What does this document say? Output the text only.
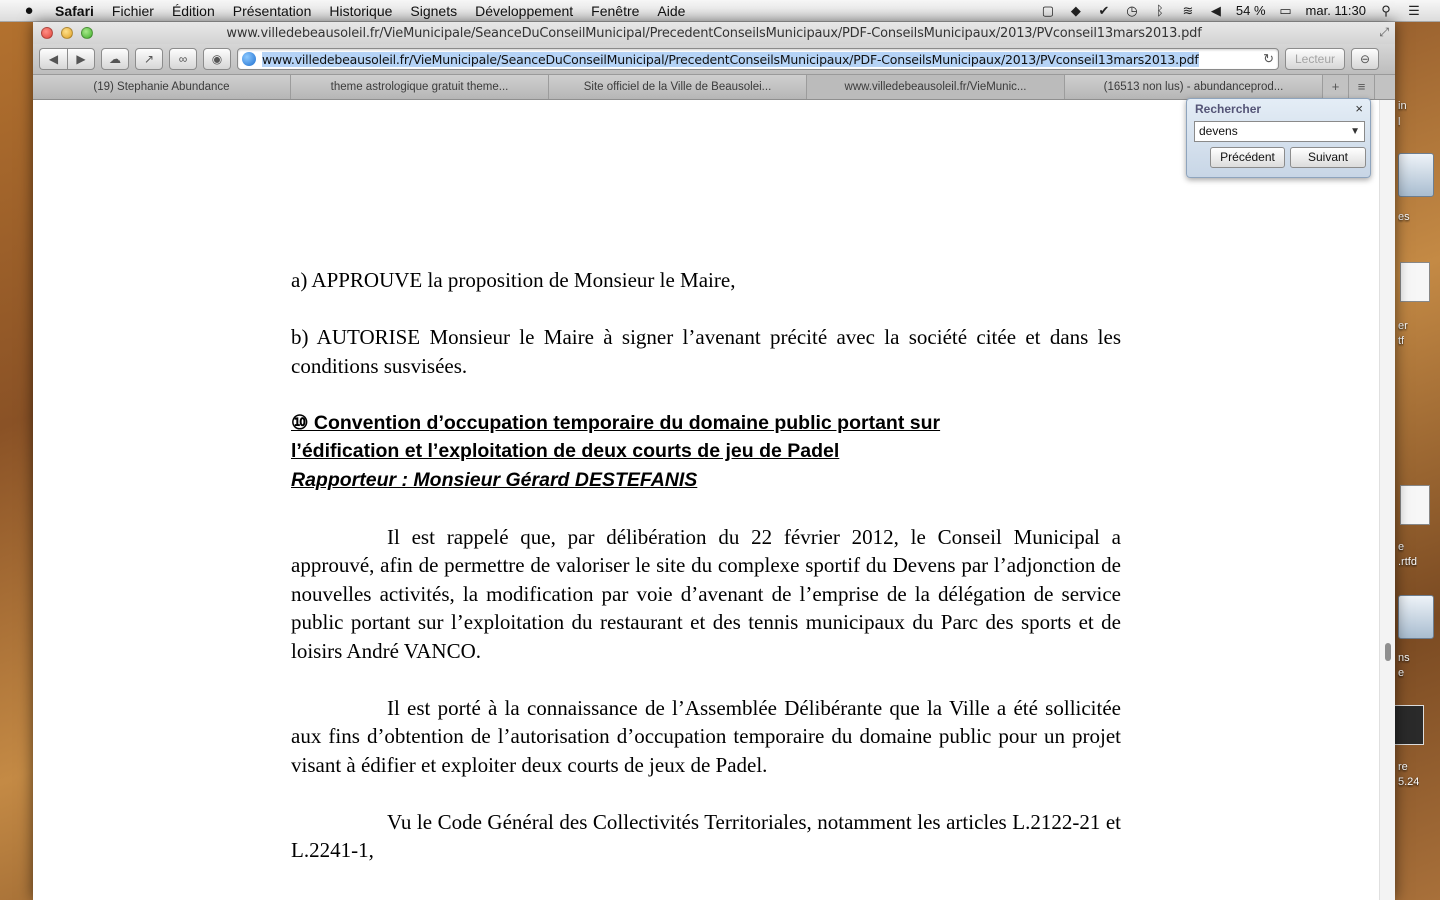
●	Safari	Fichier	Édition	Présentation	Historique	Signets	Développement	Fenêtre	Aide	▢ ◆ ✔ ◷	ᛒ	≋ ◀ 54 % ▭ mar. 11:30 ⚲ ☰
in
l
es
er
tf
e
.rtfd
ns
e
re
5.24
www.villedebeausoleil.fr/VieMunicipale/SeanceDuConseilMunicipal/PrecedentConseilsMunicipaux/PDF-ConseilsMunicipaux/2013/PVconseil13mars2013.pdf	⤢
◀	▶	☁	↗	∞	◉	www.villedebeausoleil.fr/VieMunicipale/SeanceDuConseilMunicipal/PrecedentConseilsMunicipaux/PDF-ConseilsMunicipaux/2013/PVconseil13mars2013.pdf	↻	Lecteur	⊖
(19) Stephanie Abundance	theme astrologique gratuit theme...	Site officiel de la Ville de Beausolei...	www.villedebeausoleil.fr/VieMunic...	(16513 non lus) - abundanceprod...	+	≡

a) APPROUVE la proposition de Monsieur le Maire,

b) AUTORISE Monsieur le Maire à signer l’avenant précité avec la société citée et dans les conditions susvisées.

⑩ Convention d’occupation temporaire du domaine public portant sur

l’édification et l’exploitation de deux courts de jeu de Padel

Rapporteur : Monsieur Gérard DESTEFANIS

Il est rappelé que, par délibération du 22 février 2012, le Conseil Municipal a approuvé, afin de permettre de valoriser le site du complexe sportif du Devens par l’adjonction de nouvelles activités, la modification par voie d’avenant de l’emprise de la délégation de service public portant sur l’exploitation du restaurant et des tennis municipaux du Parc des sports et de loisirs André VANCO.

Il est porté à la connaissance de l’Assemblée Délibérante que la Ville a été sollicitée aux fins d’obtention de l’autorisation d’occupation temporaire du domaine public pour un projet visant à édifier et exploiter deux courts de jeux de Padel.

Vu le Code Général des Collectivités Territoriales, notamment les articles L.2122-21 et L.2241-1,

Rechercher	×
devens	▼
Précédent	Suivant
